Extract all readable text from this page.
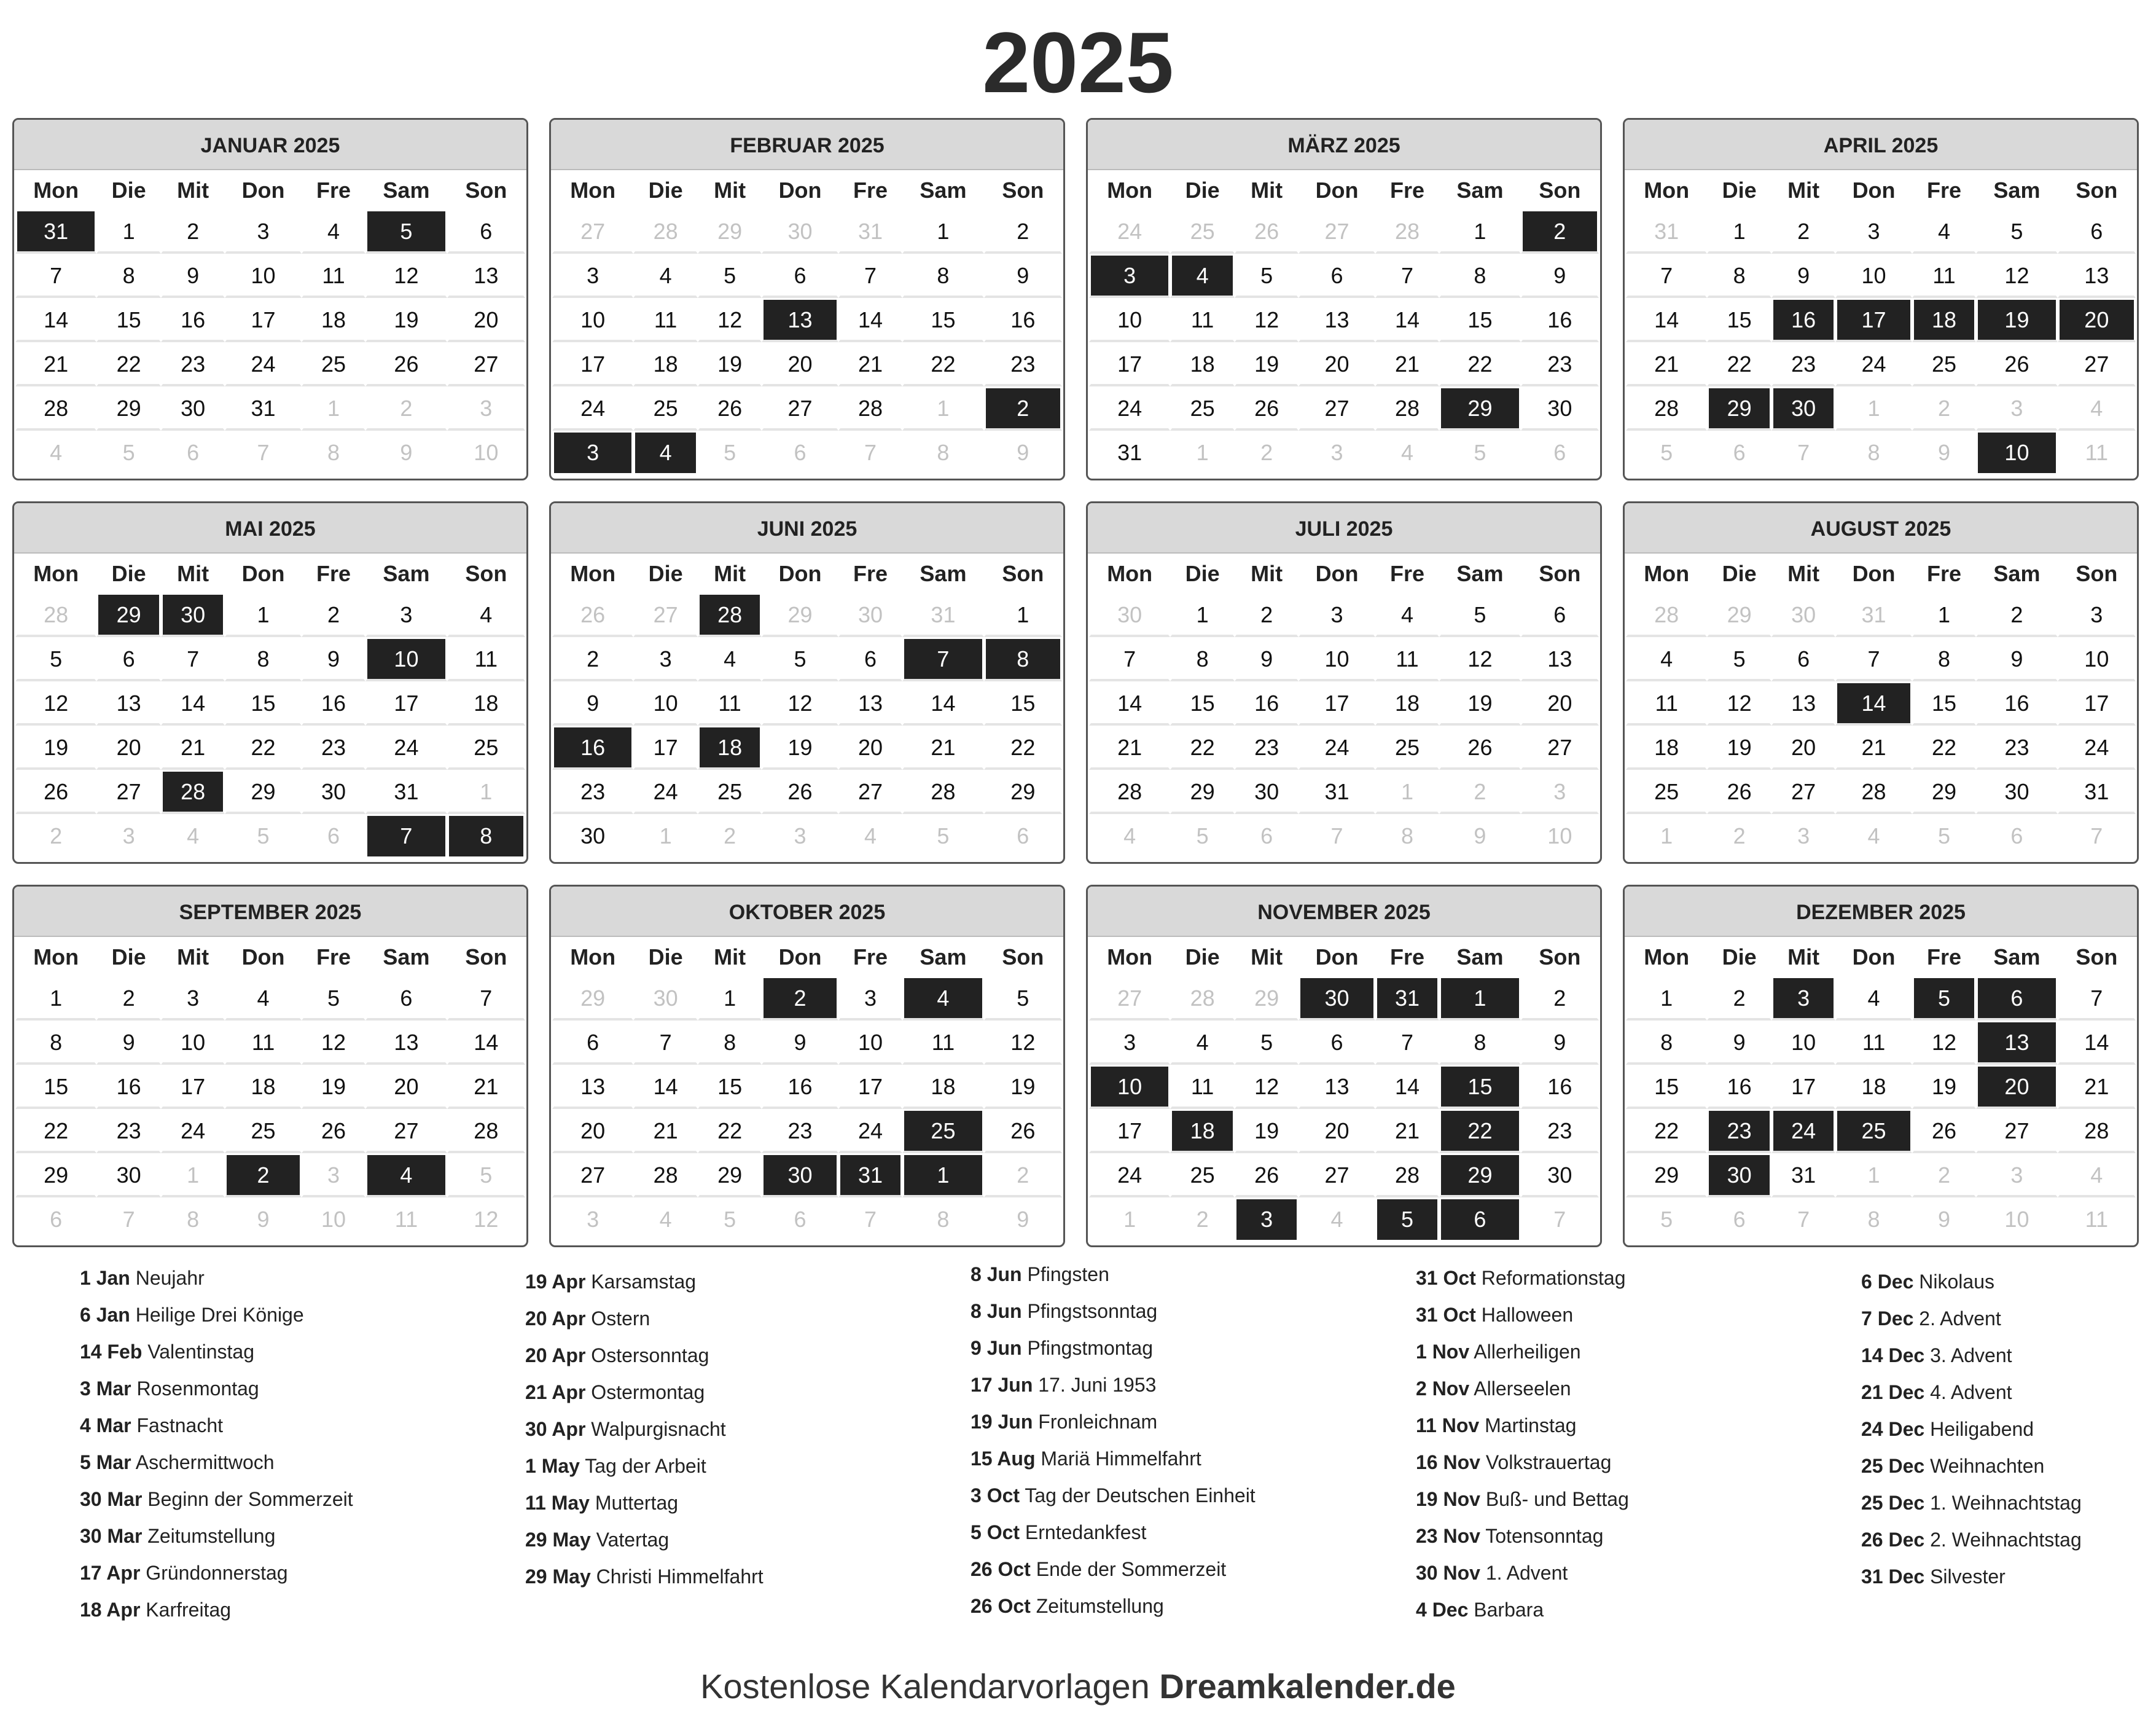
2025
JANUAR 2025
Mon
31
7
14
21
28
4
Die
1
8
15
22
29
5
Mit
2
9
16
23
30
6
Don
3
10
17
24
31
7
Fre
4
11
18
25
1
8
Sam
5
12
19
26
2
9
Son
6
13
20
27
3
10
FEBRUAR 2025
Mon
27
3
10
17
24
3
Die
28
4
11
18
25
4
Mit
29
5
12
19
26
5
Don
30
6
13
20
27
6
Fre
31
7
14
21
28
7
Sam
1
8
15
22
1
8
Son
2
9
16
23
2
9
MÄRZ 2025
Mon
24
3
10
17
24
31
Die
25
4
11
18
25
1
Mit
26
5
12
19
26
2
Don
27
6
13
20
27
3
Fre
28
7
14
21
28
4
Sam
1
8
15
22
29
5
Son
2
9
16
23
30
6
APRIL 2025
Mon
31
7
14
21
28
5
Die
1
8
15
22
29
6
Mit
2
9
16
23
30
7
Don
3
10
17
24
1
8
Fre
4
11
18
25
2
9
Sam
5
12
19
26
3
10
Son
6
13
20
27
4
11
MAI 2025
Mon
28
5
12
19
26
2
Die
29
6
13
20
27
3
Mit
30
7
14
21
28
4
Don
1
8
15
22
29
5
Fre
2
9
16
23
30
6
Sam
3
10
17
24
31
7
Son
4
11
18
25
1
8
JUNI 2025
Mon
26
2
9
16
23
30
Die
27
3
10
17
24
1
Mit
28
4
11
18
25
2
Don
29
5
12
19
26
3
Fre
30
6
13
20
27
4
Sam
31
7
14
21
28
5
Son
1
8
15
22
29
6
JULI 2025
Mon
30
7
14
21
28
4
Die
1
8
15
22
29
5
Mit
2
9
16
23
30
6
Don
3
10
17
24
31
7
Fre
4
11
18
25
1
8
Sam
5
12
19
26
2
9
Son
6
13
20
27
3
10
AUGUST 2025
Mon
28
4
11
18
25
1
Die
29
5
12
19
26
2
Mit
30
6
13
20
27
3
Don
31
7
14
21
28
4
Fre
1
8
15
22
29
5
Sam
2
9
16
23
30
6
Son
3
10
17
24
31
7
SEPTEMBER 2025
Mon
1
8
15
22
29
6
Die
2
9
16
23
30
7
Mit
3
10
17
24
1
8
Don
4
11
18
25
2
9
Fre
5
12
19
26
3
10
Sam
6
13
20
27
4
11
Son
7
14
21
28
5
12
OKTOBER 2025
Mon
29
6
13
20
27
3
Die
30
7
14
21
28
4
Mit
1
8
15
22
29
5
Don
2
9
16
23
30
6
Fre
3
10
17
24
31
7
Sam
4
11
18
25
1
8
Son
5
12
19
26
2
9
NOVEMBER 2025
Mon
27
3
10
17
24
1
Die
28
4
11
18
25
2
Mit
29
5
12
19
26
3
Don
30
6
13
20
27
4
Fre
31
7
14
21
28
5
Sam
1
8
15
22
29
6
Son
2
9
16
23
30
7
DEZEMBER 2025
Mon
1
8
15
22
29
5
Die
2
9
16
23
30
6
Mit
3
10
17
24
31
7
Don
4
11
18
25
1
8
Fre
5
12
19
26
2
9
Sam
6
13
20
27
3
10
Son
7
14
21
28
4
11
1 Jan Neujahr
6 Jan Heilige Drei Könige
14 Feb Valentinstag
3 Mar Rosenmontag
4 Mar Fastnacht
5 Mar Aschermittwoch
30 Mar Beginn der Sommerzeit
30 Mar Zeitumstellung
17 Apr Gründonnerstag
18 Apr Karfreitag
19 Apr Karsamstag
20 Apr Ostern
20 Apr Ostersonntag
21 Apr Ostermontag
30 Apr Walpurgisnacht
1 May Tag der Arbeit
11 May Muttertag
29 May Vatertag
29 May Christi Himmelfahrt
8 Jun Pfingsten
8 Jun Pfingstsonntag
9 Jun Pfingstmontag
17 Jun 17. Juni 1953
19 Jun Fronleichnam
15 Aug Mariä Himmelfahrt
3 Oct Tag der Deutschen Einheit
5 Oct Erntedankfest
26 Oct Ende der Sommerzeit
26 Oct Zeitumstellung
31 Oct Reformationstag
31 Oct Halloween
1 Nov Allerheiligen
2 Nov Allerseelen
11 Nov Martinstag
16 Nov Volkstrauertag
19 Nov Buß- und Bettag
23 Nov Totensonntag
30 Nov 1. Advent
4 Dec Barbara
6 Dec Nikolaus
7 Dec 2. Advent
14 Dec 3. Advent
21 Dec 4. Advent
24 Dec Heiligabend
25 Dec Weihnachten
25 Dec 1. Weihnachtstag
26 Dec 2. Weihnachtstag
31 Dec Silvester
Kostenlose Kalendarvorlagen Dreamkalender.de
